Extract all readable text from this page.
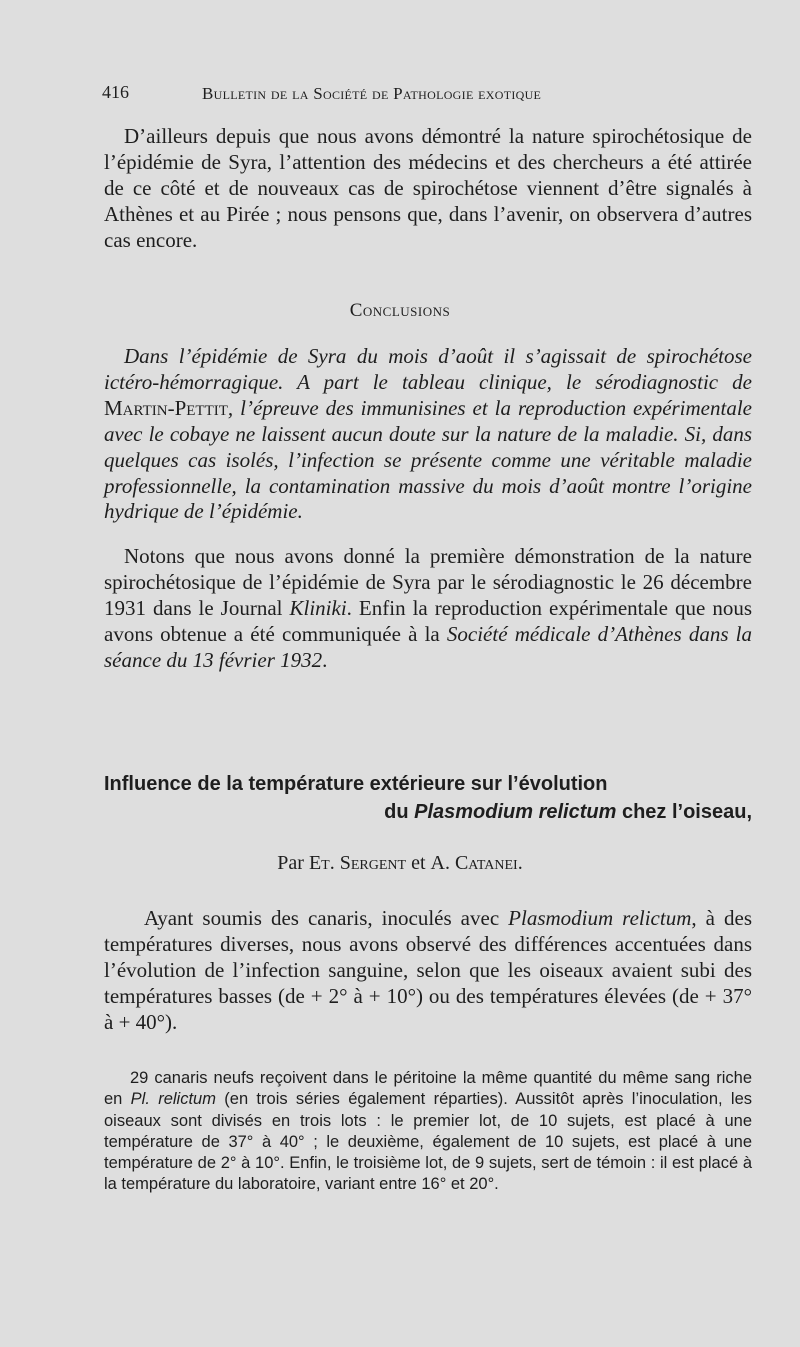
416	Bulletin de la Société de Pathologie exotique

D’ailleurs depuis que nous avons démontré la nature spirochétosique de l’épidémie de Syra, l’attention des médecins et des chercheurs a été attirée de ce côté et de nouveaux cas de spirochétose viennent d’être signalés à Athènes et au Pirée ; nous pensons que, dans l’avenir, on observera d’autres cas encore.

Conclusions

Dans l’épidémie de Syra du mois d’août il s’agissait de spirochétose ictéro-hémorragique. A part le tableau clinique, le sérodiagnostic de Martin-Pettit, l’épreuve des immunisines et la reproduction expérimentale avec le cobaye ne laissent aucun doute sur la nature de la maladie. Si, dans quelques cas isolés, l’infection se présente comme une véritable maladie professionnelle, la contamination massive du mois d’août montre l’origine hydrique de l’épidémie.

Notons que nous avons donné la première démonstration de la nature spirochétosique de l’épidémie de Syra par le sérodiagnostic le 26 décembre 1931 dans le Journal Kliniki. Enfin la reproduction expérimentale que nous avons obtenue a été communiquée à la Société médicale d’Athènes dans la séance du 13 février 1932.

Influence de la température extérieure sur l’évolution
du Plasmodium relictum chez l’oiseau,
Par Et. Sergent et A. Catanei.

Ayant soumis des canaris, inoculés avec Plasmodium relictum, à des températures diverses, nous avons observé des différences accentuées dans l’évolution de l’infection sanguine, selon que les oiseaux avaient subi des températures basses (de + 2° à + 10°) ou des températures élevées (de + 37° à + 40°).

29 canaris neufs reçoivent dans le péritoine la même quantité du même sang riche en Pl. relictum (en trois séries également réparties). Aussitôt après l’inoculation, les oiseaux sont divisés en trois lots : le premier lot, de 10 sujets, est placé à une température de 37° à 40° ; le deuxième, également de 10 sujets, est placé à une température de 2° à 10°. Enfin, le troisième lot, de 9 sujets, sert de témoin : il est placé à la température du laboratoire, variant entre 16° et 20°.
